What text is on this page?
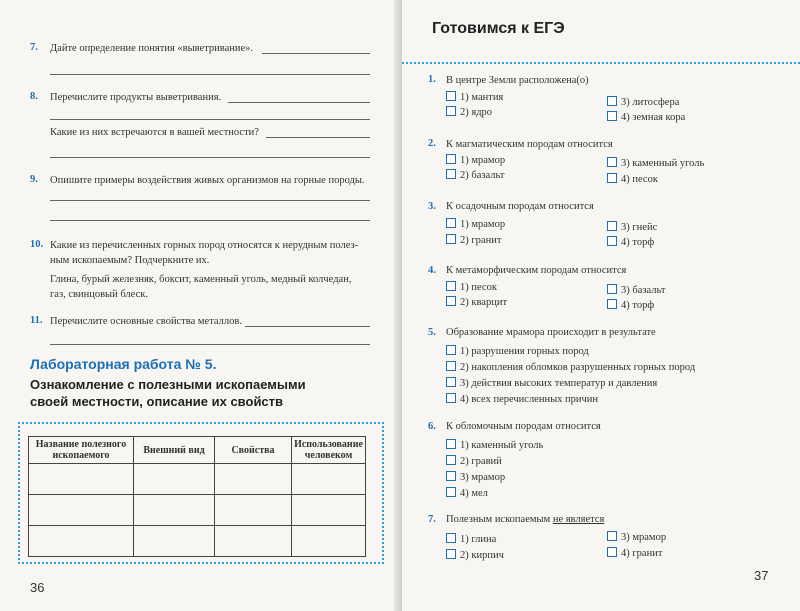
7. Дайте определение понятия «выветривание».
8. Перечислите продукты выветривания.
Какие из них встречаются в вашей местности?
9. Опишите примеры воздействия живых организмов на горные породы.
10. Какие из перечисленных горных пород относятся к нерудным полез-
ным ископаемым? Подчеркните их.
Глина, бурый железняк, боксит, каменный уголь, медный колчедан,
газ, свинцовый блеск.
11. Перечислите основные свойства металлов.
Лабораторная работа № 5.
Ознакомление с полезными ископаемыми
своей местности, описание их свойств
Название полезного ископаемого	Внешний вид	Свойства	Использование человеком

36
Готовимся к ЕГЭ
1. В центре Земли расположена(о)
1) мантия
2) ядро
3) литосфера
4) земная кора
2. К магматическим породам относится
1) мрамор
2) базальт
3) каменный уголь
4) песок
3. К осадочным породам относится
1) мрамор
2) гранит
3) гнейс
4) торф
4. К метаморфическим породам относится
1) песок
2) кварцит
3) базальт
4) торф
5. Образование мрамора происходит в результате
1) разрушения горных пород
2) накопления обломков разрушенных горных пород
3) действия высоких температур и давления
4) всех перечисленных причин
6. К обломочным породам относится
1) каменный уголь
2) гравий
3) мрамор
4) мел
7. Полезным ископаемым не является
1) глина
2) кирпич
3) мрамор
4) гранит
37
